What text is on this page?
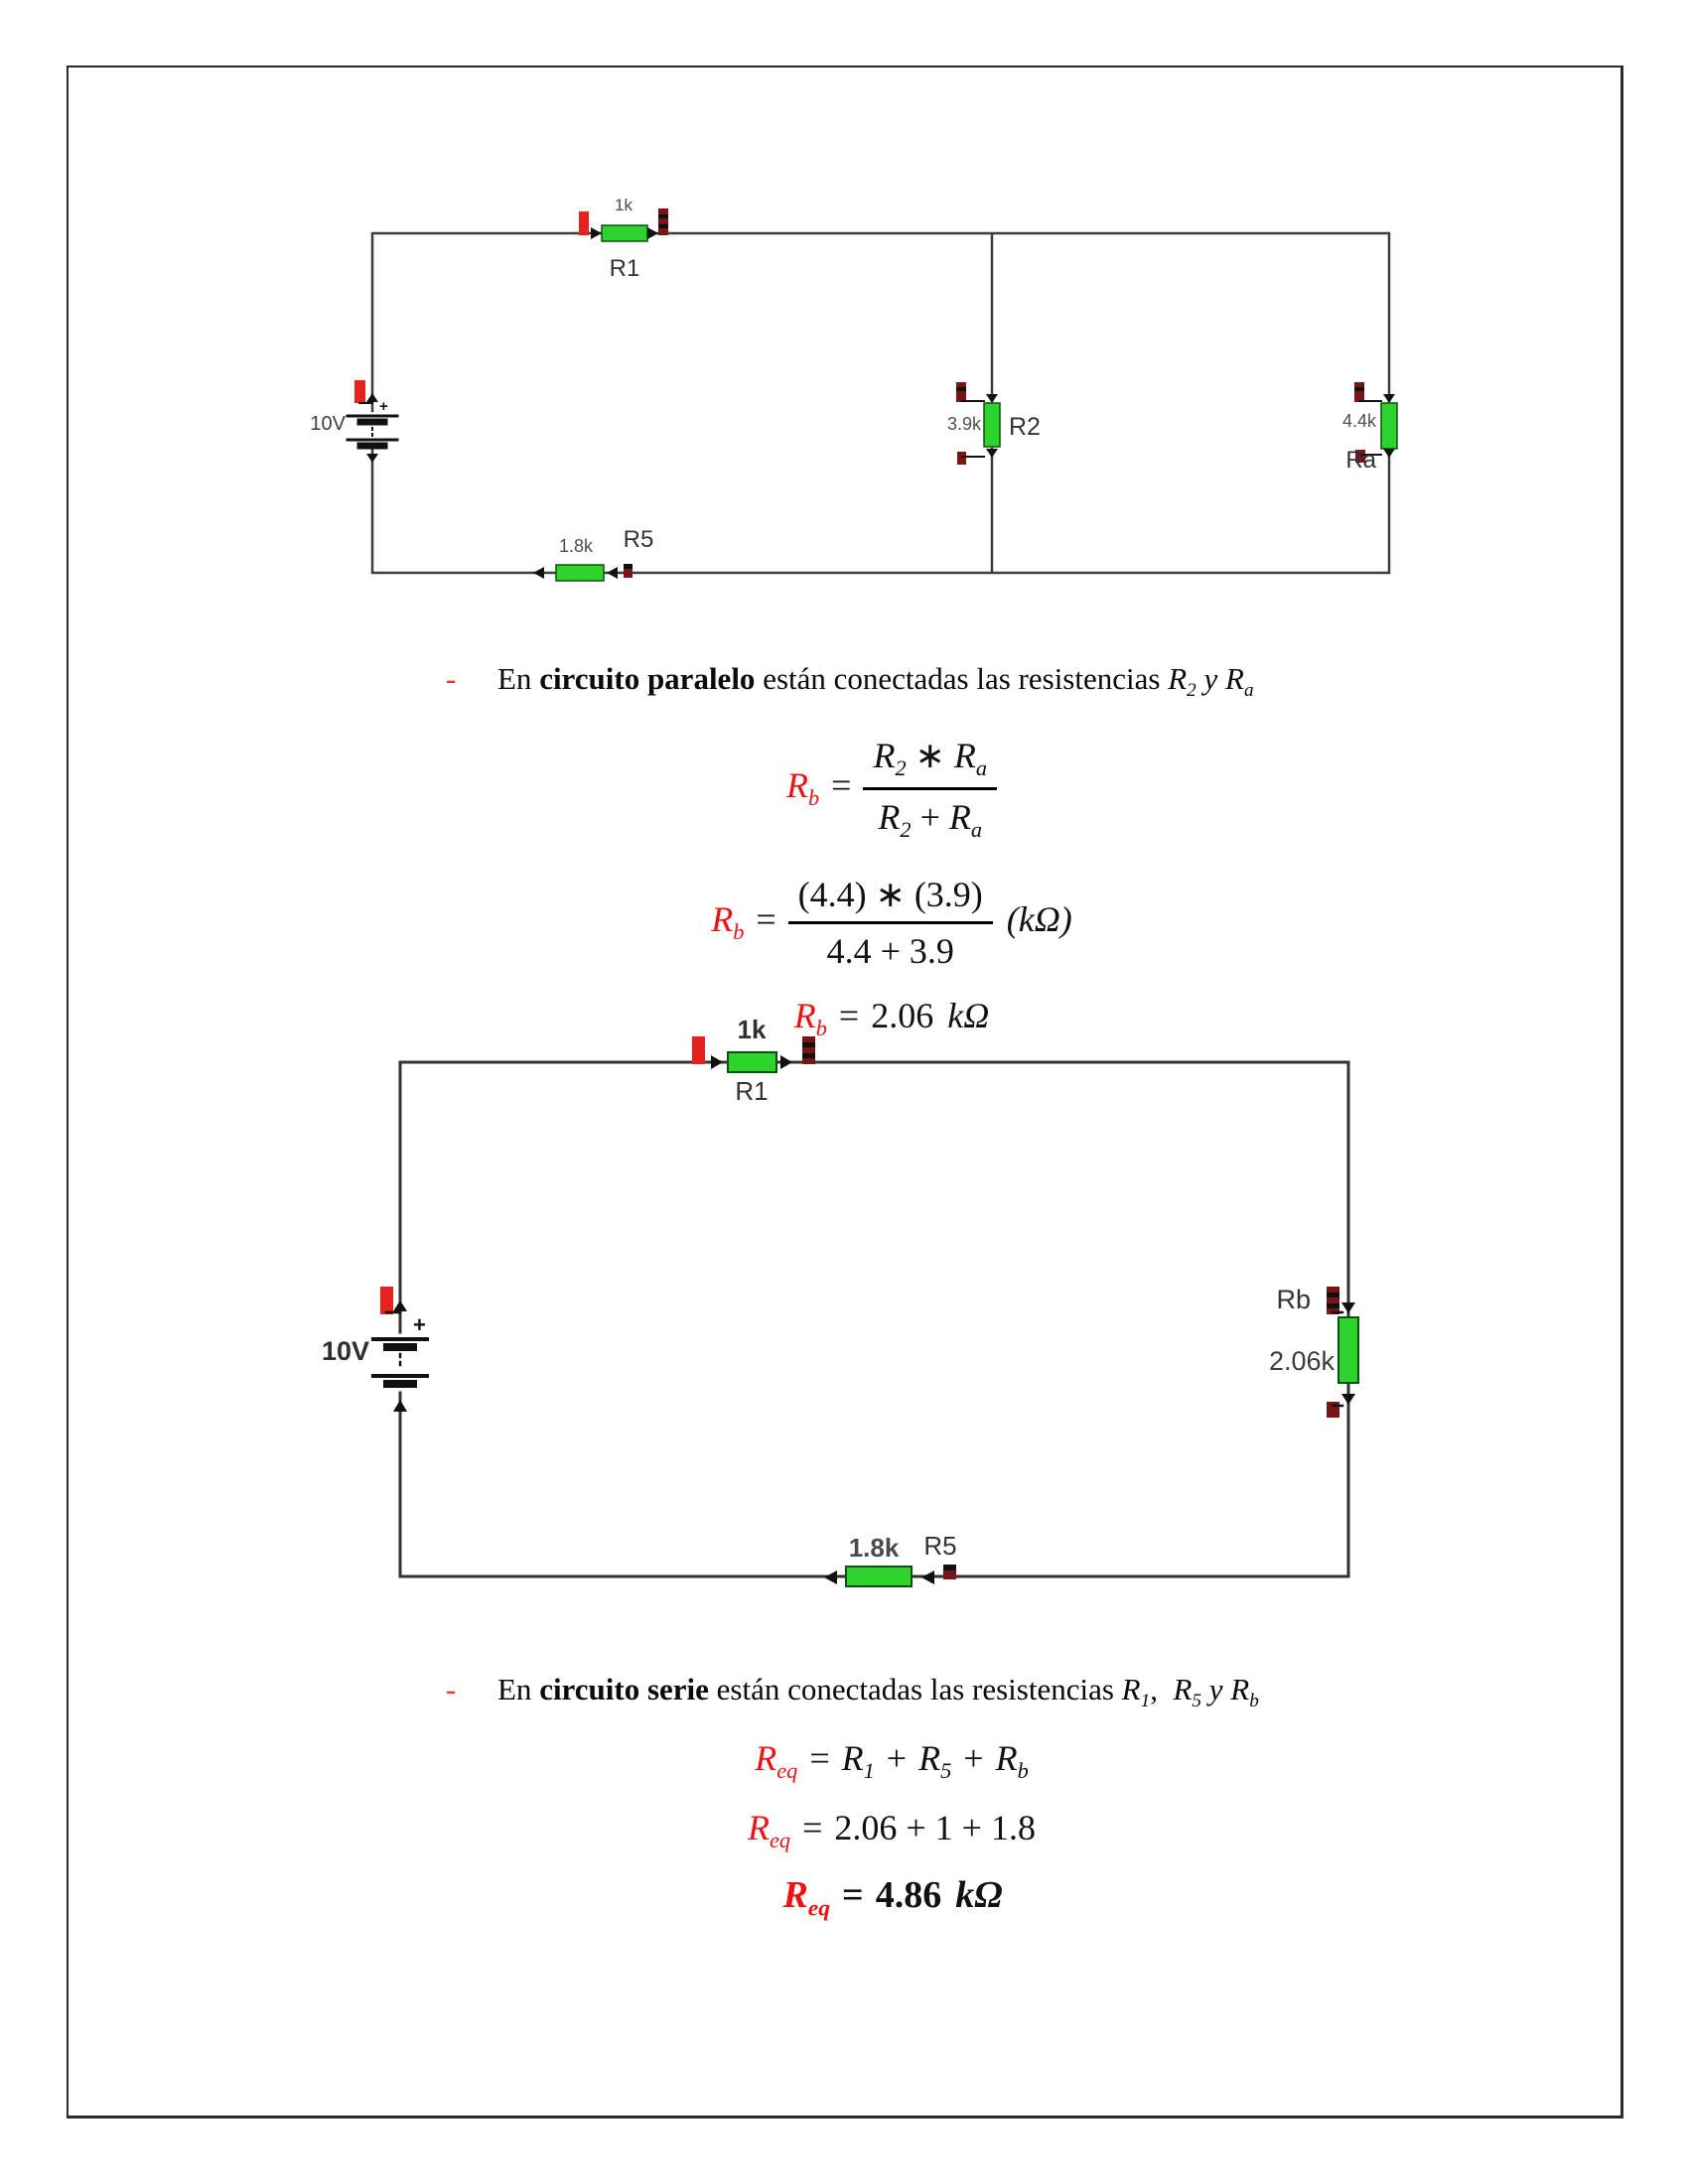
+
10V
1k
R1
3.9k R2	4.4k
Ra
1.8k R5
+
10V
1k
R1
Rb
2.06k
1.8k R5

- En circuito paralelo están conectadas las resistencias $R_2$ y $R_a$

$R_b = \frac{R_2 ∗ R_a}{R_2 + R_a}$

$R_b = \frac{(4.4) ∗ (3.9)}{4.4 + 3.9} (k\Omega)$

$R_b = 2.06$ kΩ

- En circuito serie están conectadas las resistencias $R_1$,  $R_5$ y $R_b$

$R_{eq} = R_1 + R_5 + R_b$

$R_{eq} = 2.06 + 1 + 1.8$

$R_{eq} = 4.86$ kΩ
